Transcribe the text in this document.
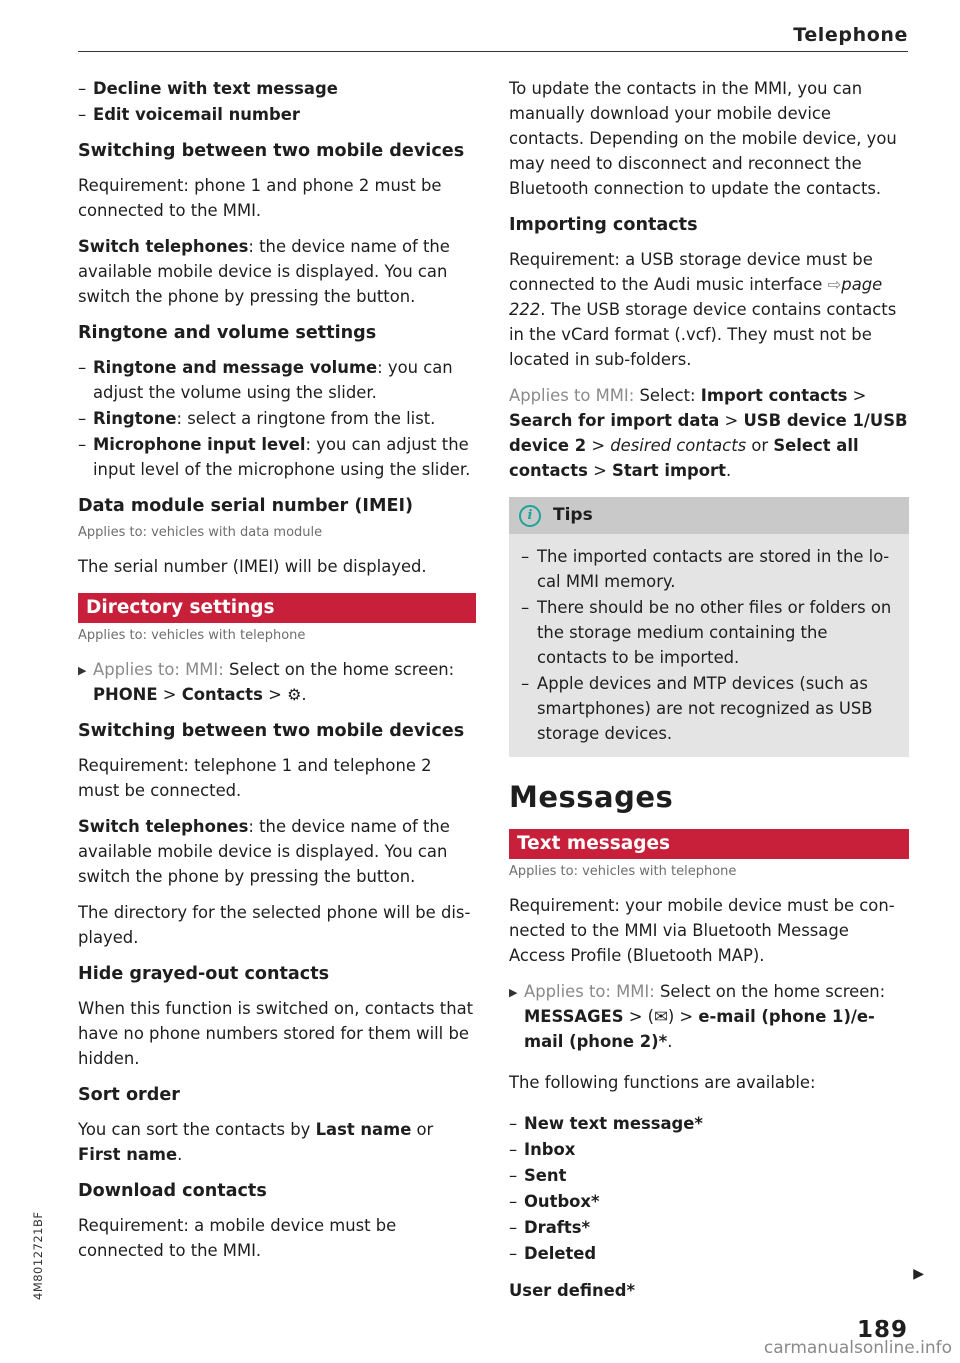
Telephone
– Decline with text message
– Edit voicemail number
Switching between two mobile devices

Requirement: phone 1 and phone 2 must be connected to the MMI.

Switch telephones: the device name of the available mobile device is displayed. You can switch the phone by pressing the button.

Ringtone and volume settings
– Ringtone and message volume: you can adjust the volume using the slider.
– Ringtone: select a ringtone from the list.
– Microphone input level: you can adjust the input level of the microphone using the slider.
Data module serial number (IMEI)
Applies to: vehicles with data module

The serial number (IMEI) will be displayed.

Directory settings
Applies to: vehicles with telephone
▶ Applies to: MMI: Select on the home screen:
PHONE > Contacts > ⚙.
Switching between two mobile devices

Requirement: telephone 1 and telephone 2 must be connected.

Switch telephones: the device name of the available mobile device is displayed. You can switch the phone by pressing the button.

The directory for the selected phone will be displayed.

Hide grayed-out contacts

When this function is switched on, contacts that have no phone numbers stored for them will be hidden.

Sort order

You can sort the contacts by Last name or First name.

Download contacts

Requirement: a mobile device must be connected to the MMI.

To update the contacts in the MMI, you can manually download your mobile device contacts. Depending on the mobile device, you may need to disconnect and reconnect the Bluetooth connection to update the contacts.

Importing contacts

Requirement: a USB storage device must be connected to the Audi music interface ⇨page 222. The USB storage device contains contacts in the vCard format (.vcf). They must not be located in sub-folders.

Applies to MMI: Select: Import contacts > Search for import data > USB device 1/USB device 2 > desired contacts or Select all contacts > Start import.

i	Tips
– The imported contacts are stored in the local MMI memory.
– There should be no other files or folders on the storage medium containing the contacts to be imported.
– Apple devices and MTP devices (such as smartphones) are not recognized as USB storage devices.
Messages
Text messages
Applies to: vehicles with telephone

Requirement: your mobile device must be connected to the MMI via Bluetooth Message Access Profile (Bluetooth MAP).

▶ Applies to: MMI: Select on the home screen:
MESSAGES > (✉) > e-mail (phone 1)/e-mail (phone 2)*.

The following functions are available:

– New text message*
– Inbox
– Sent
– Outbox*
– Drafts*
– Deleted

User defined*

▶
189
4M8012721BF
carmanualsonline.info
